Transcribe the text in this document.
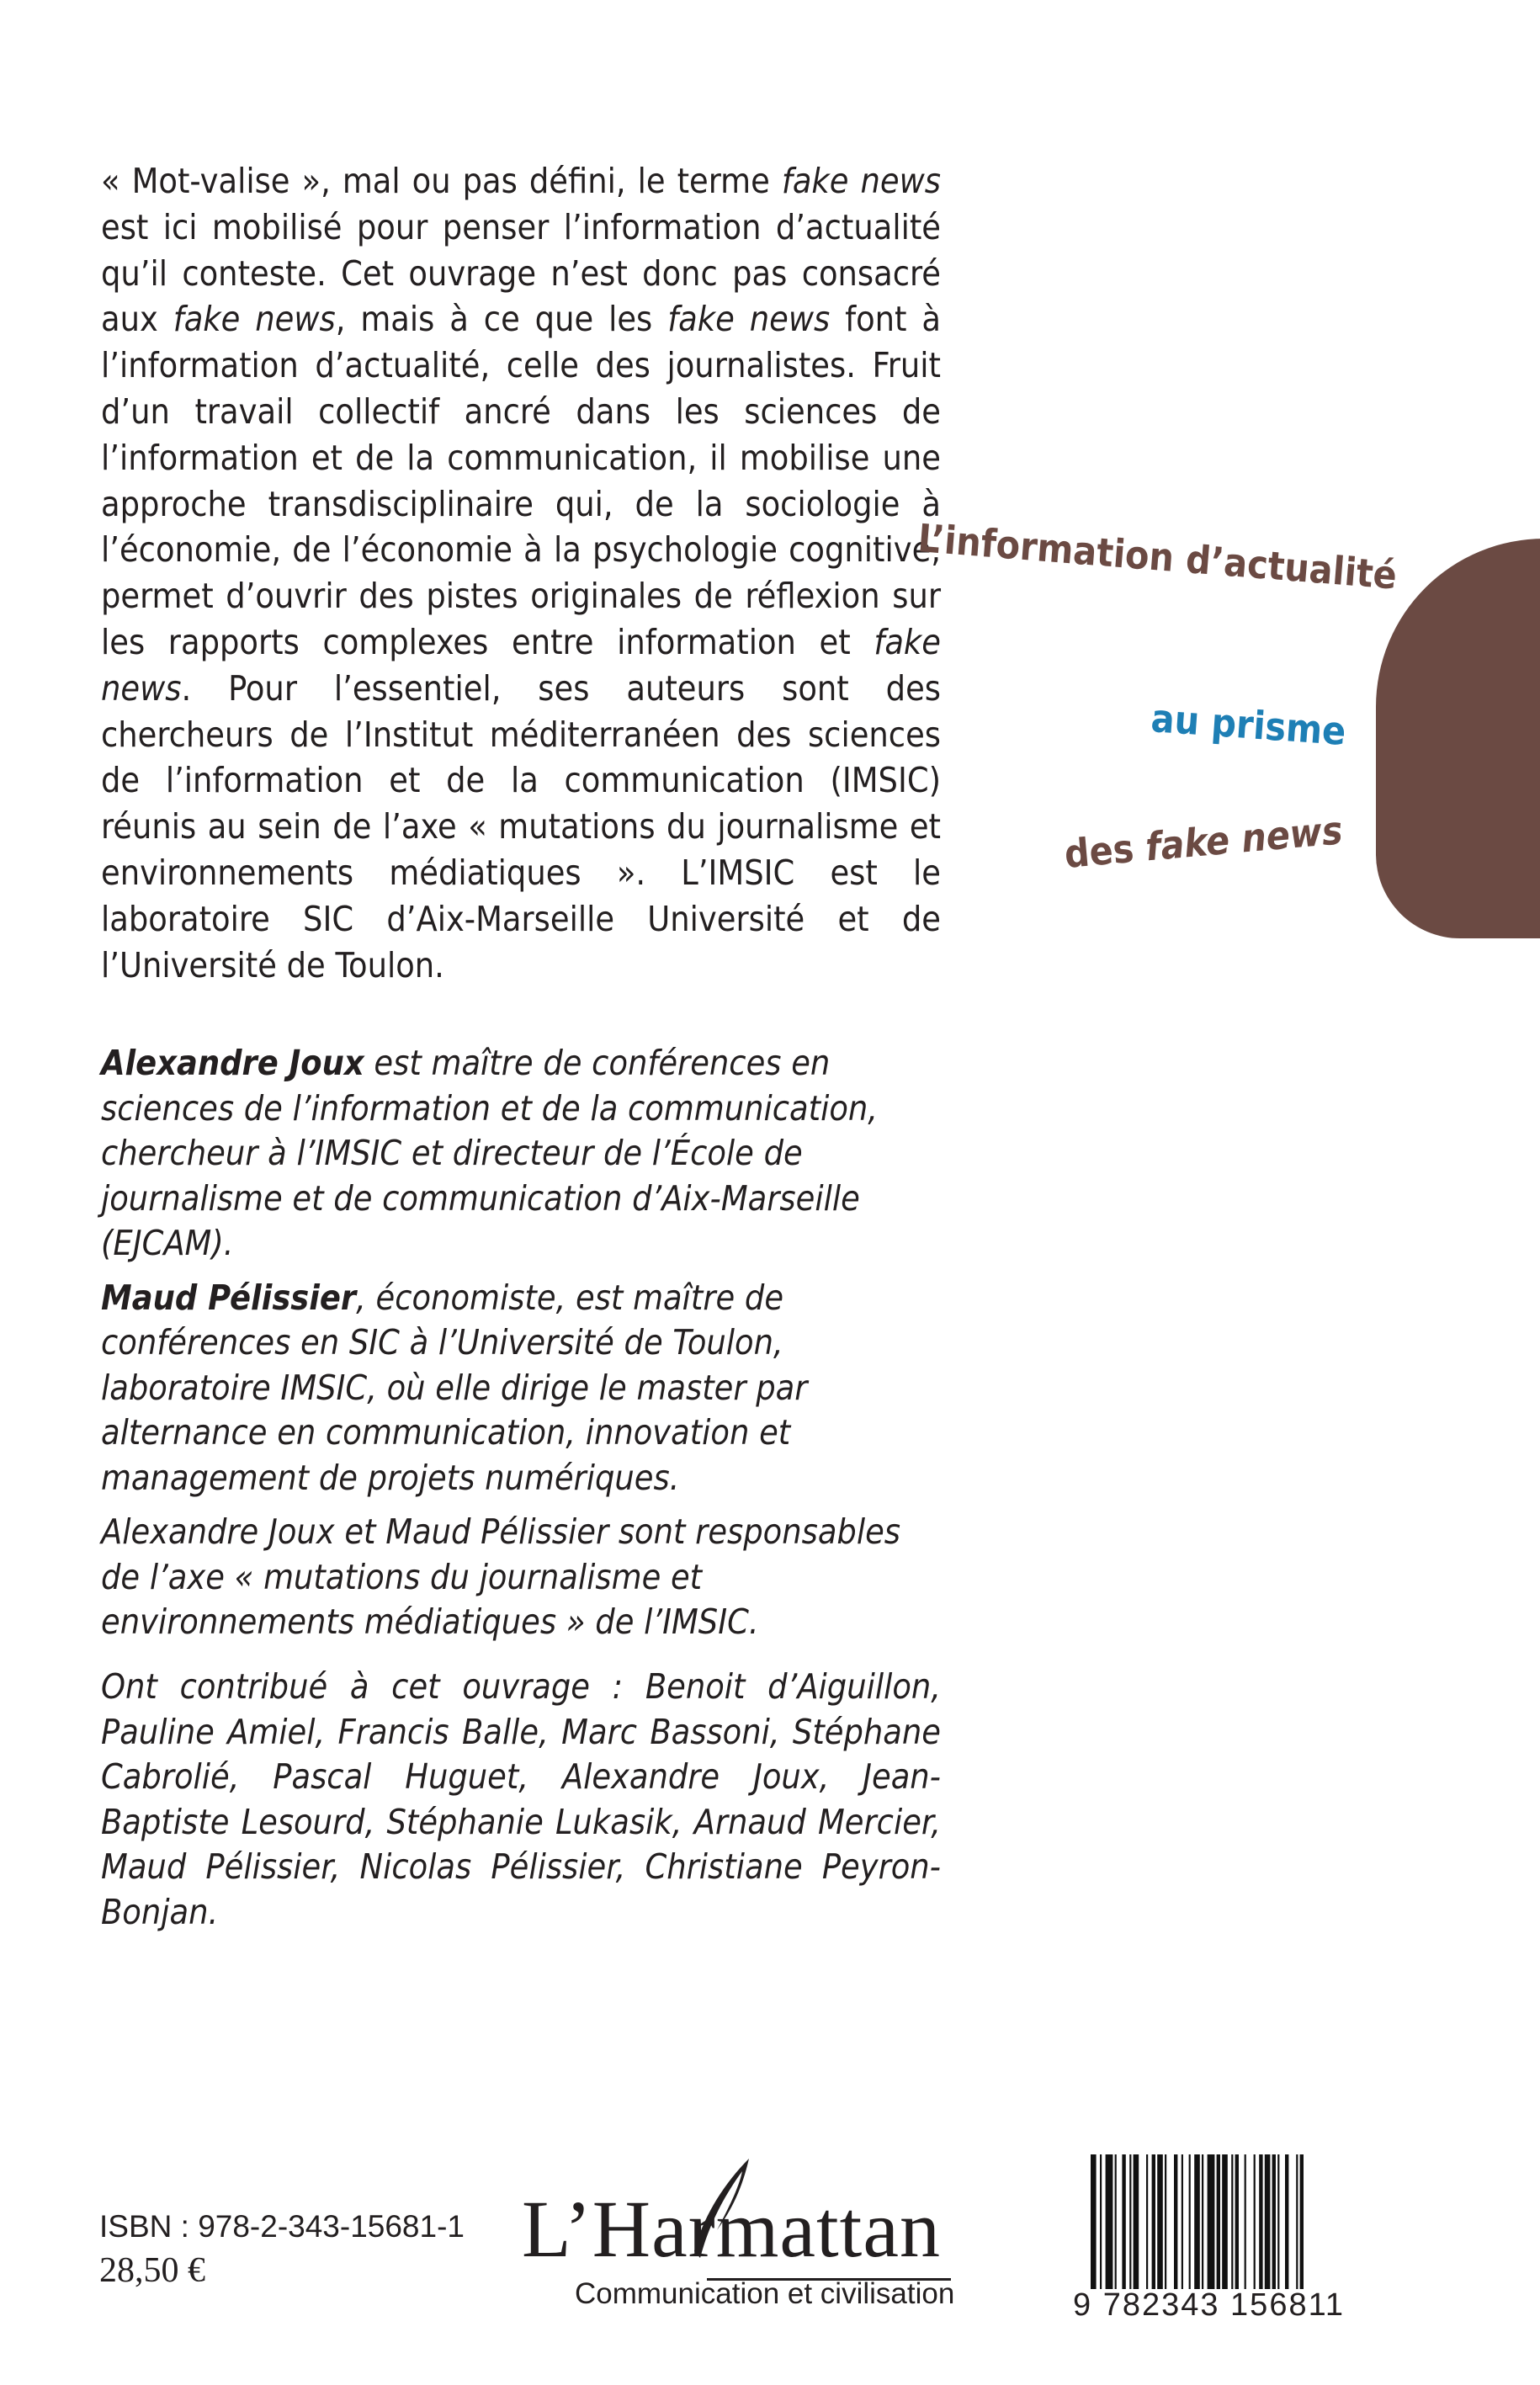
« Mot-valise », mal ou pas défini, le terme fake news est ici mobilisé pour penser l’information d’actualité qu’il conteste. Cet ouvrage n’est donc pas consacré aux fake news, mais à ce que les fake news font à l’information d’actualité, celle des journalistes. Fruit d’un travail collectif ancré dans les sciences de l’information et de la communication, il mobilise une approche transdisciplinaire qui, de la sociologie à l’économie, de l’économie à la psychologie cognitive, permet d’ouvrir des pistes originales de réflexion sur les rapports complexes entre information et fake news. Pour l’essentiel, ses auteurs sont des chercheurs de l’Institut méditerranéen des sciences de l’information et de la communication (IMSIC) réunis au sein de l’axe « mutations du journalisme et environnements médiatiques ». L’IMSIC est le laboratoire SIC d’Aix-Marseille Université et de l’Université de Toulon.

L’information d’actualité
au prisme
des fake news

Alexandre Joux est maître de conférences en sciences de l’information et de la communication, chercheur à l’IMSIC et directeur de l’École de journalisme et de communication d’Aix-Marseille (EJCAM).

Maud Pélissier, économiste, est maître de conférences en SIC à l’Université de Toulon, laboratoire IMSIC, où elle dirige le master par alternance en communication, innovation et management de projets numériques.

Alexandre Joux et Maud Pélissier sont responsables de l’axe « mutations du journalisme et environnements médiatiques » de l’IMSIC.

Ont contribué à cet ouvrage : Benoit d’Aiguillon, Pauline Amiel, Francis Balle, Marc Bassoni, Stéphane Cabrolié, Pascal Huguet, Alexandre Joux, Jean-Baptiste Lesourd, Stéphanie Lukasik, Arnaud Mercier, Maud Pélissier, Nicolas Pélissier, Christiane Peyron-Bonjan.

ISBN : 978-2-343-15681-1
28,50 €	L’Harmattan
Communication et civilisation	9 782343 156811
